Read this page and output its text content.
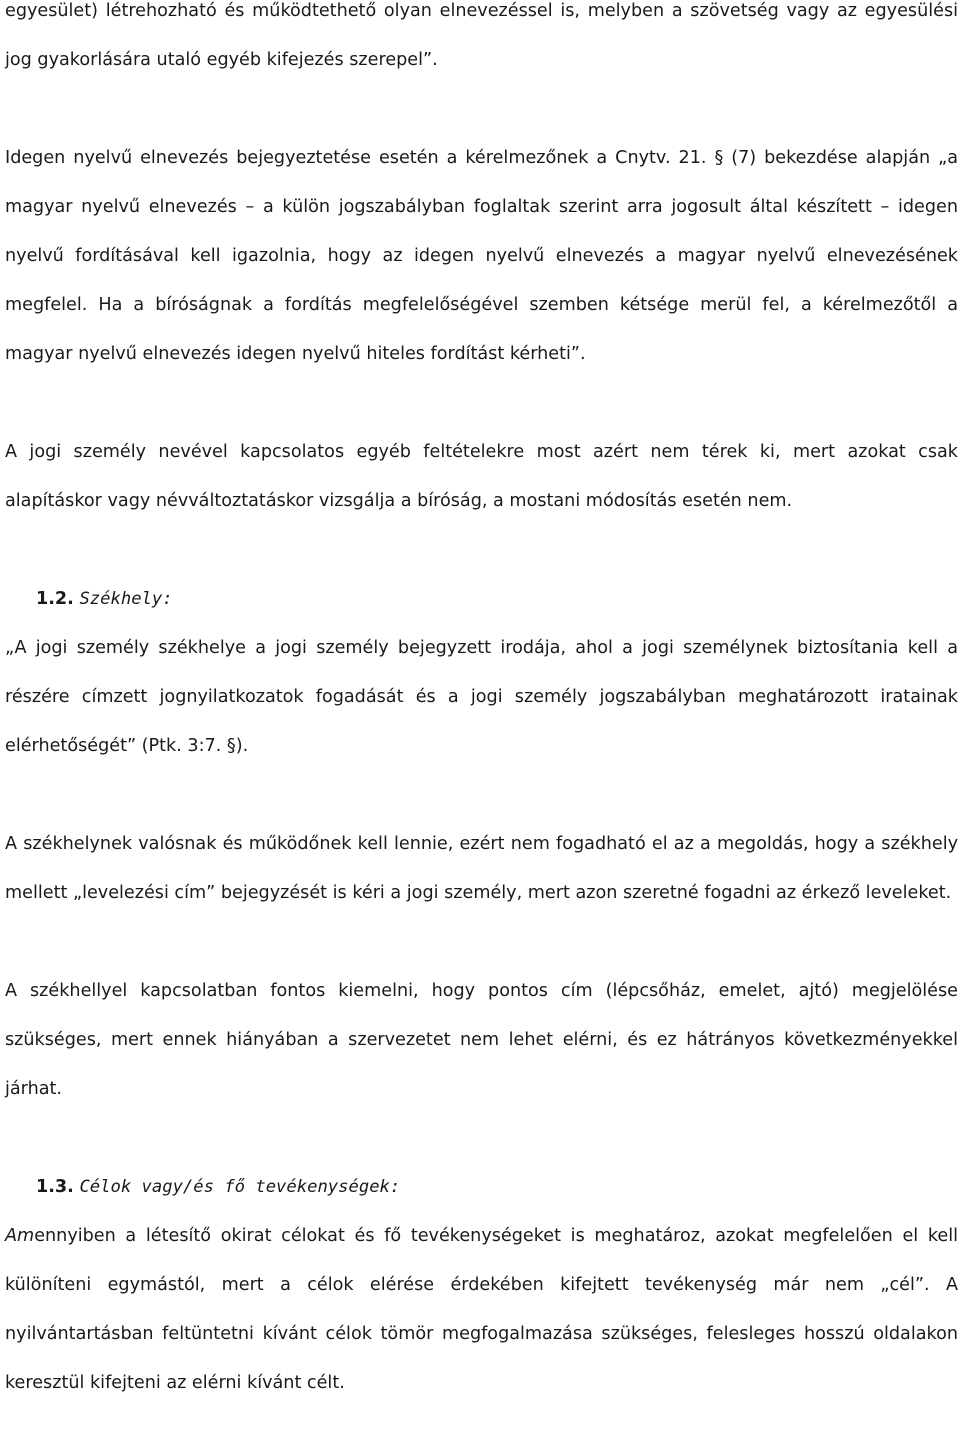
egyesület) létrehozható és működtethető olyan elnevezéssel is, melyben a szövetség vagy az egyesülési jog gyakorlására utaló egyéb kifejezés szerepel”.

Idegen nyelvű elnevezés bejegyeztetése esetén a kérelmezőnek a Cnytv. 21. § (7) bekezdése alapján „a magyar nyelvű elnevezés – a külön jogszabályban foglaltak szerint arra jogosult által készített – idegen nyelvű fordításával kell igazolnia, hogy az idegen nyelvű elnevezés a magyar nyelvű elnevezésének megfelel. Ha a bíróságnak a fordítás megfelelőségével szemben kétsége merül fel, a kérelmezőtől a magyar nyelvű elnevezés idegen nyelvű hiteles fordítást kérheti”.

A jogi személy nevével kapcsolatos egyéb feltételekre most azért nem térek ki, mert azokat csak alapításkor vagy névváltoztatáskor vizsgálja a bíróság, a mostani módosítás esetén nem.

1.2. Székhely:

„A jogi személy székhelye a jogi személy bejegyzett irodája, ahol a jogi személynek biztosítania kell a részére címzett jognyilatkozatok fogadását és a jogi személy jogszabályban meghatározott iratainak elérhetőségét” (Ptk. 3:7. §).

A székhelynek valósnak és működőnek kell lennie, ezért nem fogadható el az a megoldás, hogy a székhely mellett „levelezési cím” bejegyzését is kéri a jogi személy, mert azon szeretné fogadni az érkező leveleket.

A székhellyel kapcsolatban fontos kiemelni, hogy pontos cím (lépcsőház, emelet, ajtó) megjelölése szükséges, mert ennek hiányában a szervezetet nem lehet elérni, és ez hátrányos következményekkel járhat.

1.3. Célok vagy/és fő tevékenységek:

Amennyiben a létesítő okirat célokat és fő tevékenységeket is meghatároz, azokat megfelelően el kell különíteni egymástól, mert a célok elérése érdekében kifejtett tevékenység már nem „cél”. A nyilvántartásban feltüntetni kívánt célok tömör megfogalmazása szükséges, felesleges hosszú oldalakon keresztül kifejteni az elérni kívánt célt.
